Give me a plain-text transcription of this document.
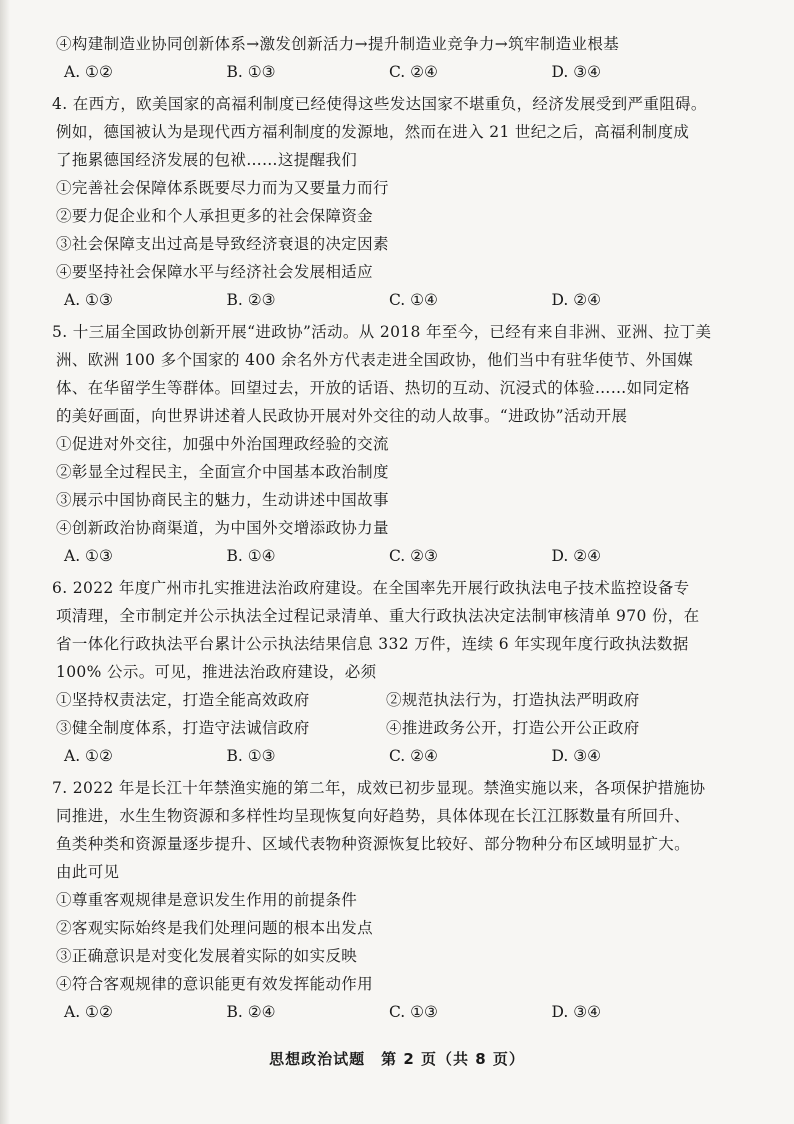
④构建制造业协同创新体系→激发创新活力→提升制造业竞争力→筑牢制造业根基
A. ①②	B. ①③	C. ②④	D. ③④
4. 在西方，欧美国家的高福利制度已经使得这些发达国家不堪重负，经济发展受到严重阻碍。
例如，德国被认为是现代西方福利制度的发源地，然而在进入 21 世纪之后，高福利制度成
了拖累德国经济发展的包袱……这提醒我们
①完善社会保障体系既要尽力而为又要量力而行
②要力促企业和个人承担更多的社会保障资金
③社会保障支出过高是导致经济衰退的决定因素
④要坚持社会保障水平与经济社会发展相适应
A. ①③	B. ②③	C. ①④	D. ②④
5. 十三届全国政协创新开展“进政协”活动。从 2018 年至今，已经有来自非洲、亚洲、拉丁美
洲、欧洲 100 多个国家的 400 余名外方代表走进全国政协，他们当中有驻华使节、外国媒
体、在华留学生等群体。回望过去，开放的话语、热切的互动、沉浸式的体验……如同定格
的美好画面，向世界讲述着人民政协开展对外交往的动人故事。“进政协”活动开展
①促进对外交往，加强中外治国理政经验的交流
②彰显全过程民主，全面宣介中国基本政治制度
③展示中国协商民主的魅力，生动讲述中国故事
④创新政治协商渠道，为中国外交增添政协力量
A. ①③	B. ①④	C. ②③	D. ②④
6. 2022 年度广州市扎实推进法治政府建设。在全国率先开展行政执法电子技术监控设备专
项清理，全市制定并公示执法全过程记录清单、重大行政执法决定法制审核清单 970 份，在
省一体化行政执法平台累计公示执法结果信息 332 万件，连续 6 年实现年度行政执法数据
100% 公示。可见，推进法治政府建设，必须
①坚持权责法定，打造全能高效政府	②规范执法行为，打造执法严明政府
③健全制度体系，打造守法诚信政府	④推进政务公开，打造公开公正政府
A. ①②	B. ①③	C. ②④	D. ③④
7. 2022 年是长江十年禁渔实施的第二年，成效已初步显现。禁渔实施以来，各项保护措施协
同推进，水生生物资源和多样性均呈现恢复向好趋势，具体体现在长江江豚数量有所回升、
鱼类种类和资源量逐步提升、区域代表物种资源恢复比较好、部分物种分布区域明显扩大。
由此可见
①尊重客观规律是意识发生作用的前提条件
②客观实际始终是我们处理问题的根本出发点
③正确意识是对变化发展着实际的如实反映
④符合客观规律的意识能更有效发挥能动作用
A. ①②	B. ②④	C. ①③	D. ③④
思想政治试题　第 2 页（共 8 页）
